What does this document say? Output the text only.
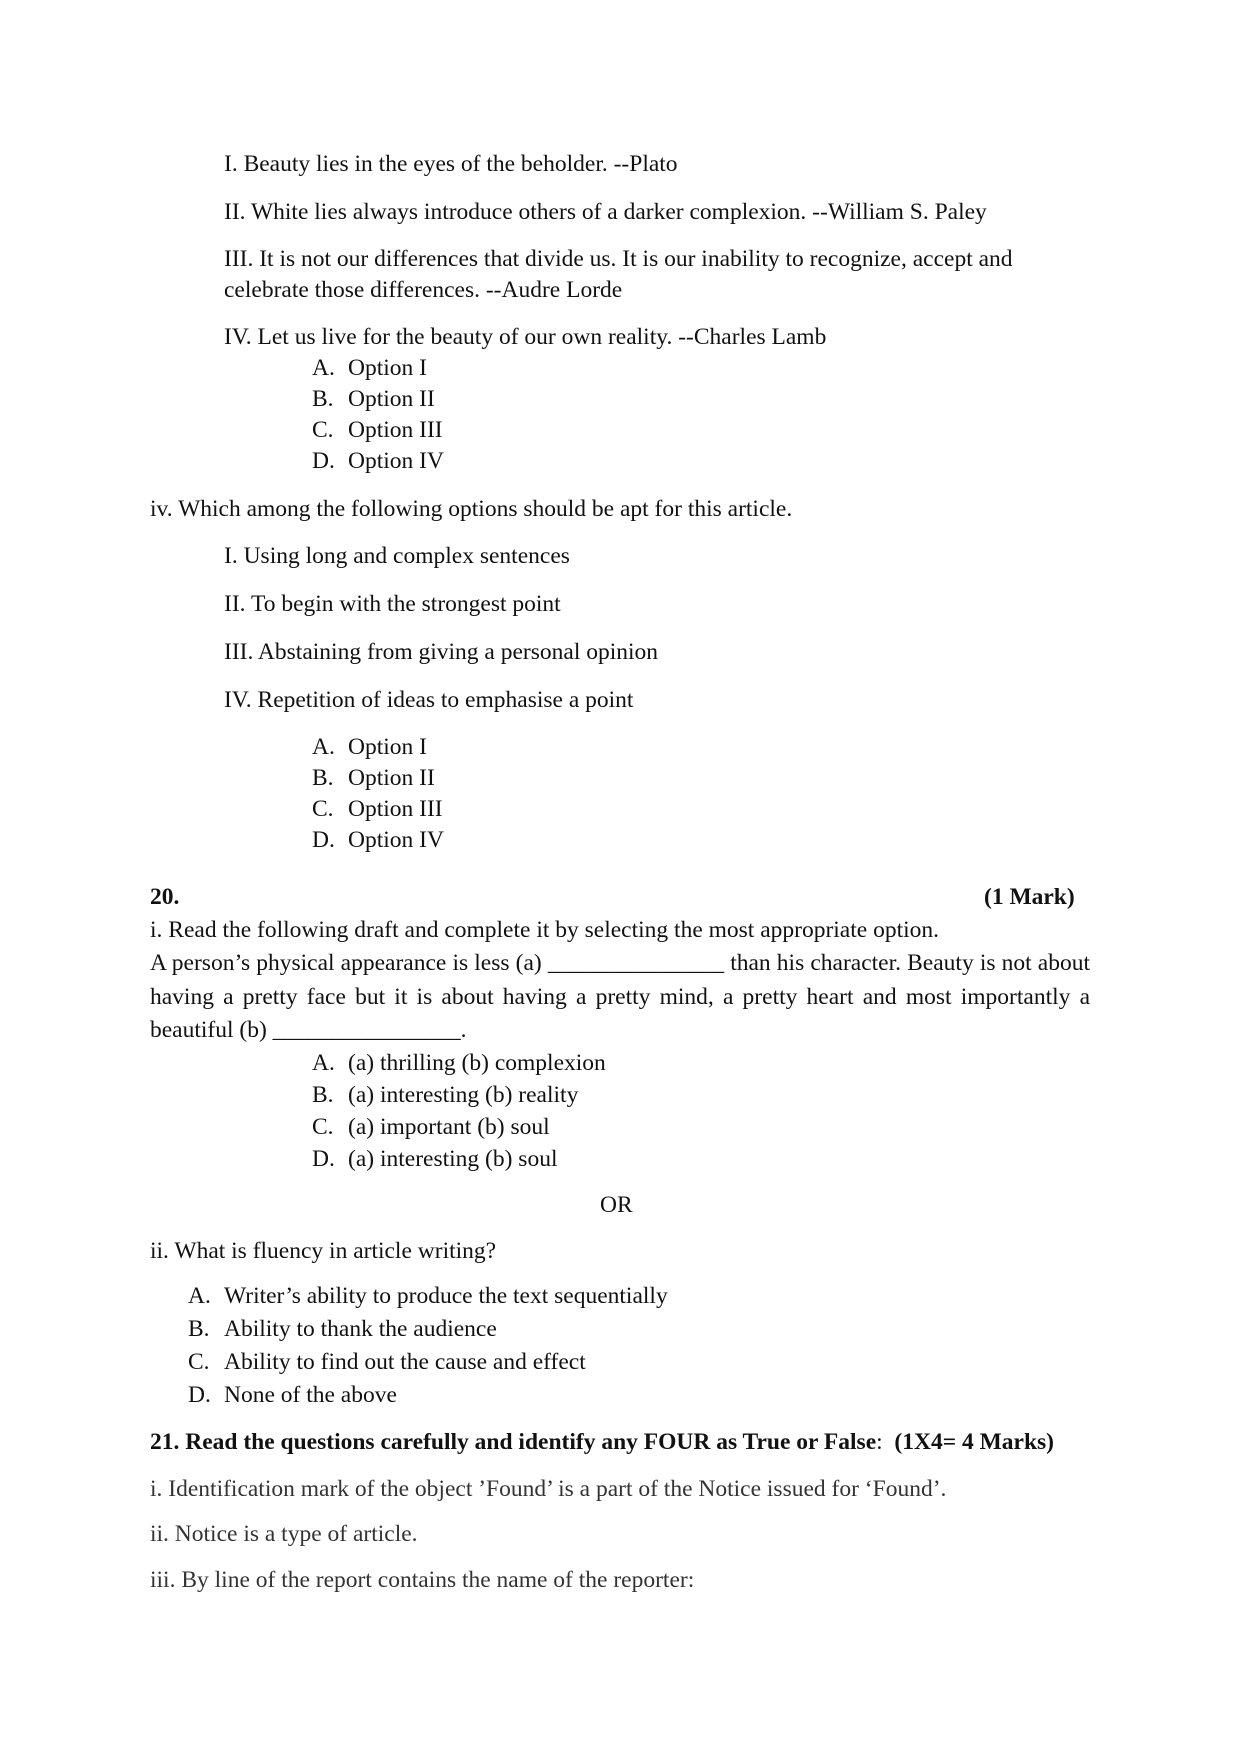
I. Beauty lies in the eyes of the beholder. --Plato
II. White lies always introduce others of a darker complexion. --William S. Paley
III. It is not our differences that divide us. It is our inability to recognize, accept and
celebrate those differences. --Audre Lorde
IV. Let us live for the beauty of our own reality. --Charles Lamb
A. Option I
B. Option II
C. Option III
D. Option IV
iv. Which among the following options should be apt for this article.
I. Using long and complex sentences
II. To begin with the strongest point
III. Abstaining from giving a personal opinion
IV. Repetition of ideas to emphasise a point
A. Option I
B. Option II
C. Option III
D. Option IV
20.	(1 Mark)
i. Read the following draft and complete it by selecting the most appropriate option.
A person’s physical appearance is less (a) _______________ than his character. Beauty is not about having a pretty face but it is about having a pretty mind, a pretty heart and most importantly a beautiful (b) ________________.
A. (a) thrilling (b) complexion
B. (a) interesting (b) reality
C. (a) important (b) soul
D. (a) interesting (b) soul
OR
ii. What is fluency in article writing?
A. Writer’s ability to produce the text sequentially
B. Ability to thank the audience
C. Ability to find out the cause and effect
D. None of the above
21. Read the questions carefully and identify any FOUR as True or False: (1X4= 4 Marks)
i. Identification mark of the object ’Found’ is a part of the Notice issued for ‘Found’.
ii. Notice is a type of article.
iii. By line of the report contains the name of the reporter:
